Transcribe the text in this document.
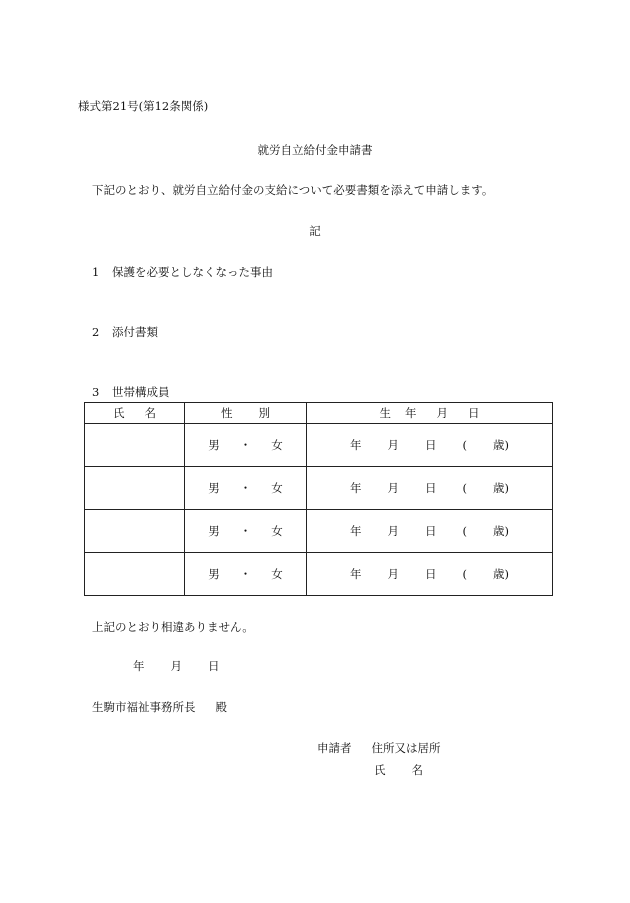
様式第21号(第12条関係)
就労自立給付金申請書
下記のとおり、就労自立給付金の支給について必要書類を添えて申請します。
記
1 保護を必要としなくなった事由
2 添付書類
3 世帯構成員
氏 名	性 別	生 年 月 日
	男 ・ 女	年 月 日 ( 歳)
	男 ・ 女	年 月 日 ( 歳)
	男 ・ 女	年 月 日 ( 歳)
	男 ・ 女	年 月 日 ( 歳)
上記のとおり相違ありません。
年 月 日
生駒市福祉事務所長 殿
申請者 住所又は居所
氏 名
